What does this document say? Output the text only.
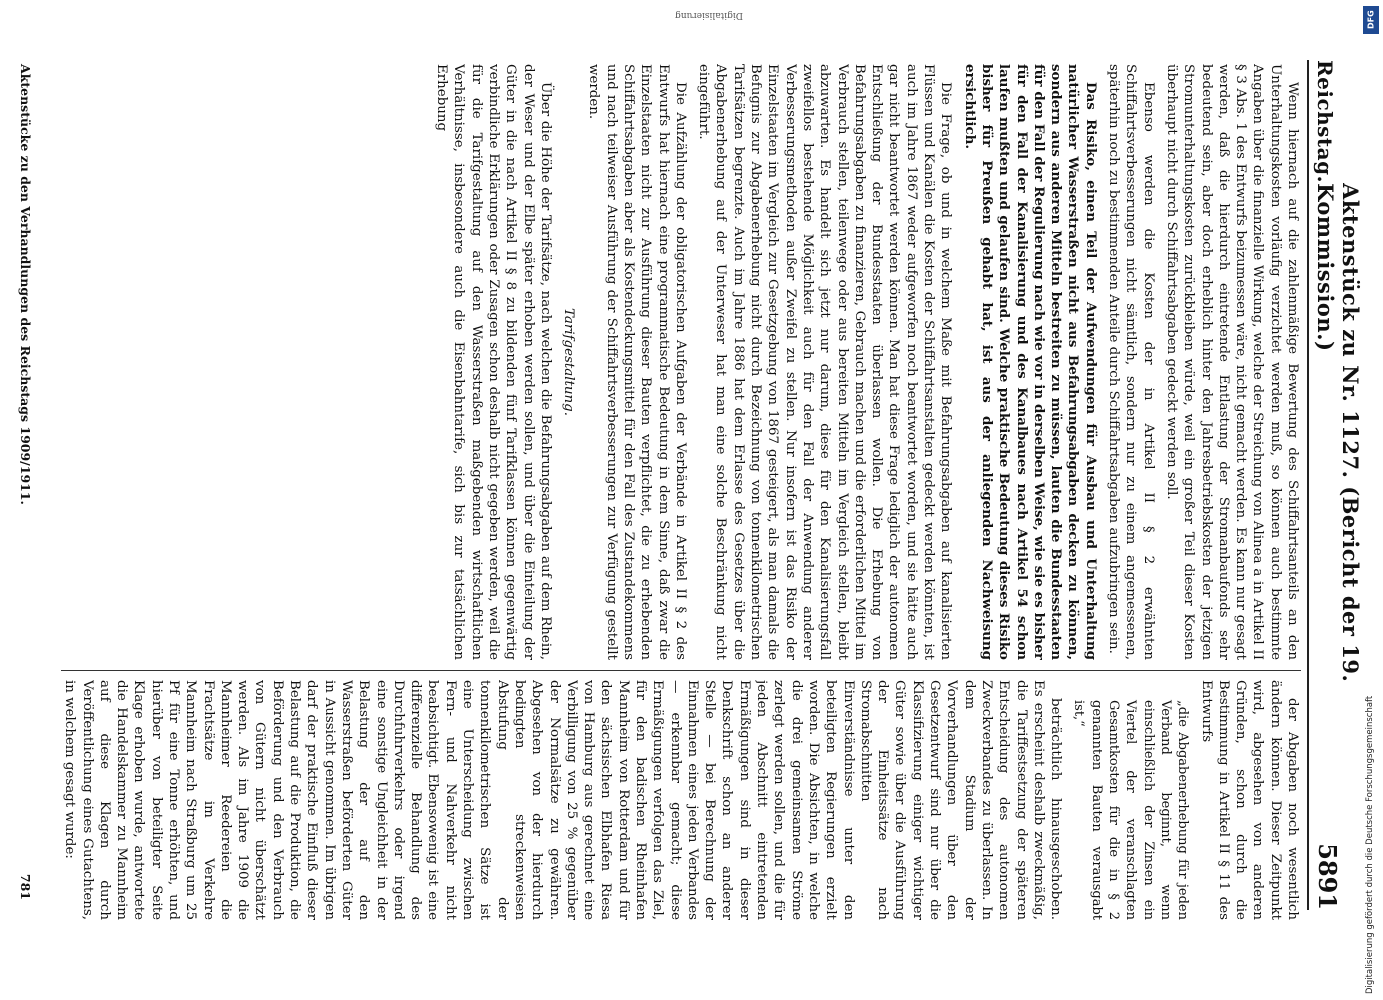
Reichstag.
Aktenstück zu Nr. 1127. (Bericht der 19. Kommission.)
5891

Wenn hiernach auf die zahlenmäßige Bewertung des Schiffahrtsanteils an den Unterhaltungskosten vorläufig verzichtet werden muß, so können auch bestimmte Angaben über die finanzielle Wirkung, welche der Streichung von Alinea a in Artikel II § 3 Abs. 1 des Entwurfs beizumessen wäre, nicht gemacht werden. Es kann nur gesagt werden, daß die hierdurch eintretende Entlastung der Stromanbaufonds sehr bedeutend sein, aber doch erheblich hinter den Jahresbetriebskosten der jetzigen Stromunterhaltungskosten zurückbleiben würde, weil ein großer Teil dieser Kosten überhaupt nicht durch Schiffahrtsabgaben gedeckt werden soll.

Ebenso werden die Kosten der in Artikel II § 2 erwähnten Schiffahrtsverbesserungen nicht sämtlich, sondern nur zu einem angemessenen, späterhin noch zu bestimmenden Anteile durch Schiffahrtsabgaben aufzubringen sein.

Das Risiko, einen Teil der Aufwendungen für Ausbau und Unterhaltung natürlicher Wasserstraßen nicht aus Befahrungsabgaben decken zu können, sondern aus anderen Mitteln bestreiten zu müssen, lauten die Bundesstaaten für den Fall der Regulierung nach wie vor in derselben Weise, wie sie es bisher für den Fall der Kanalisierung und des Kanalbaues nach Artikel 54 schon laufen mußten und gelaufen sind. Welche praktische Bedeutung dieses Risiko bisher für Preußen gehabt hat, ist aus der anliegenden Nachweisung ersichtlich.

Die Frage, ob und in welchem Maße mit Befahrungsabgaben auf kanalisierten Flüssen und Kanälen die Kosten der Schiffahrtsanstalten gedeckt werden könnten, ist auch im Jahre 1867 weder aufgeworfen noch beantwortet worden, und sie hätte auch gar nicht beantwortet werden können. Man hat diese Frage lediglich der autonomen Entschließung der Bundesstaaten überlassen wollen. Die Erhebung von Befahrungsabgaben zu finanzieren, Gebrauch machen und die erforderlichen Mittel im Verbrauch stellen, teilenwege oder aus bereiten Mitteln im Vergleich stellen, bleibt abzuwarten. Es handelt sich jetzt nur darum, diese für den Kanalisierungsfall zweifellos bestehende Möglichkeit auch für den Fall der Anwendung anderer Verbesserungsmethoden außer Zweifel zu stellen. Nur insofern ist das Risiko der Einzelstaaten im Vergleich zur Gesetzgebung von 1867 gesteigert, als man damals die Befugnis zur Abgabenerhebung nicht durch Bezeichnung von tonnenkilometrischen Tarifsätzen begrenzte. Auch im Jahre 1886 hat dem Erlasse des Gesetzes über die Abgabenerhebung auf der Unterweser hat man eine solche Beschränkung nicht eingeführt.

Die Aufzählung der obligatorischen Aufgaben der Verbände in Artikel II § 2 des Entwurfs hat hiernach eine programmatische Bedeutung in dem Sinne, daß zwar die Einzelstaaten nicht zur Ausführung dieser Bauten verpflichtet, die zu erhebenden Schiffahrtsabgaben aber als Kostendeckungsmittel für den Fall des Zustandekommens und nach teilweiser Ausführung der Schiffahrtsverbesserungen zur Verfügung gestellt werden.

Tarifgestaltung.

Über die Höhe der Tarifsätze, nach welchen die Befahrungsabgaben auf dem Rhein, der Weser und der Elbe später erhoben werden sollen, und über die Einteilung der Güter in die nach Artikel II § 8 zu bildenden fünf Tarifklassen können gegenwärtig verbindliche Erklärungen oder Zusagen schon deshalb nicht gegeben werden, weil die für die Tarifgestaltung auf den Wasserstraßen maßgebenden wirtschaftlichen Verhältnisse, insbesondere auch die Eisenbahntarife, sich bis zur tatsächlichen Erhebung

der Abgaben noch wesentlich ändern können. Dieser Zeitpunkt wird, abgesehen von anderen Gründen, schon durch die Bestimmung in Artikel II § 11 des Entwurfs

„die Abgabenerhebung für jeden Verband beginnt, wenn einschließlich der Zinsen ein Viertel der veranschlagten Gesamtkosten für die in § 2 genannten Bauten verausgabt ist,“

beträchtlich hinausgeschoben. Es erscheint deshalb zweckmäßig, die Tariffestsetzung der späteren Entscheidung des autonomen Zweckverbandes zu überlassen. In dem Stadium der Vorverhandlungen über den Gesetzentwurf sind nur über die Klassifizierung einiger wichtiger Güter sowie über die Ausführung der Einheitssätze nach Stromabschnitten Einverständnisse unter den beteiligten Regierungen erzielt worden. Die Absichten, in welche die drei gemeinsamen Ströme zerlegt werden sollen, und die für jeden Abschnitt eintretenden Ermäßigungen sind in dieser Denkschrift schon an anderer Stelle — bei Berechnung der Einnahmen eines jeden Verbandes — erkennbar gemacht; diese Ermäßigungen verfolgen das Ziel, für den badischen Rheinhafen Mannheim von Rotterdam und für den sächsischen Elbhafen Riesa von Hamburg aus gerechnet eine Verbilligung von 25 % gegenüber der Normalsätze zu gewähren. Abgesehen von der hierdurch bedingten streckenweisen Abstufung der tonnenkilometrischen Sätze ist eine Unterscheidung zwischen Fern- und Nahverkehr nicht beabsichtigt. Ebensowenig ist eine differenzielle Behandlung des Durchfuhrverkehrs oder irgend eine sonstige Ungleichheit in der Belastung der auf den Wasserstraßen beförderten Güter in Aussicht genommen. Im übrigen darf der praktische Einfluß dieser Belastung auf die Produktion, die Beförderung und den Verbrauch von Gütern nicht überschätzt werden. Als im Jahre 1909 die Mannheimer Reedereien die Frachtsätze im Verkehre Mannheim nach Straßburg um 25 Pf für eine Tonne erhöhten, und hierüber von beteiligter Seite Klage erhoben wurde, antwortete die Handelskammer zu Mannheim auf diese Klagen durch Veröffentlichung eines Gutachtens, in welchem gesagt wurde:

Digitalisierung
Aktenstücke zu den Verhandlungen des Reichstags 1909/1911.
781
DFG
Digitalisierung gefördert durch die Deutsche Forschungsgemeinschaft
